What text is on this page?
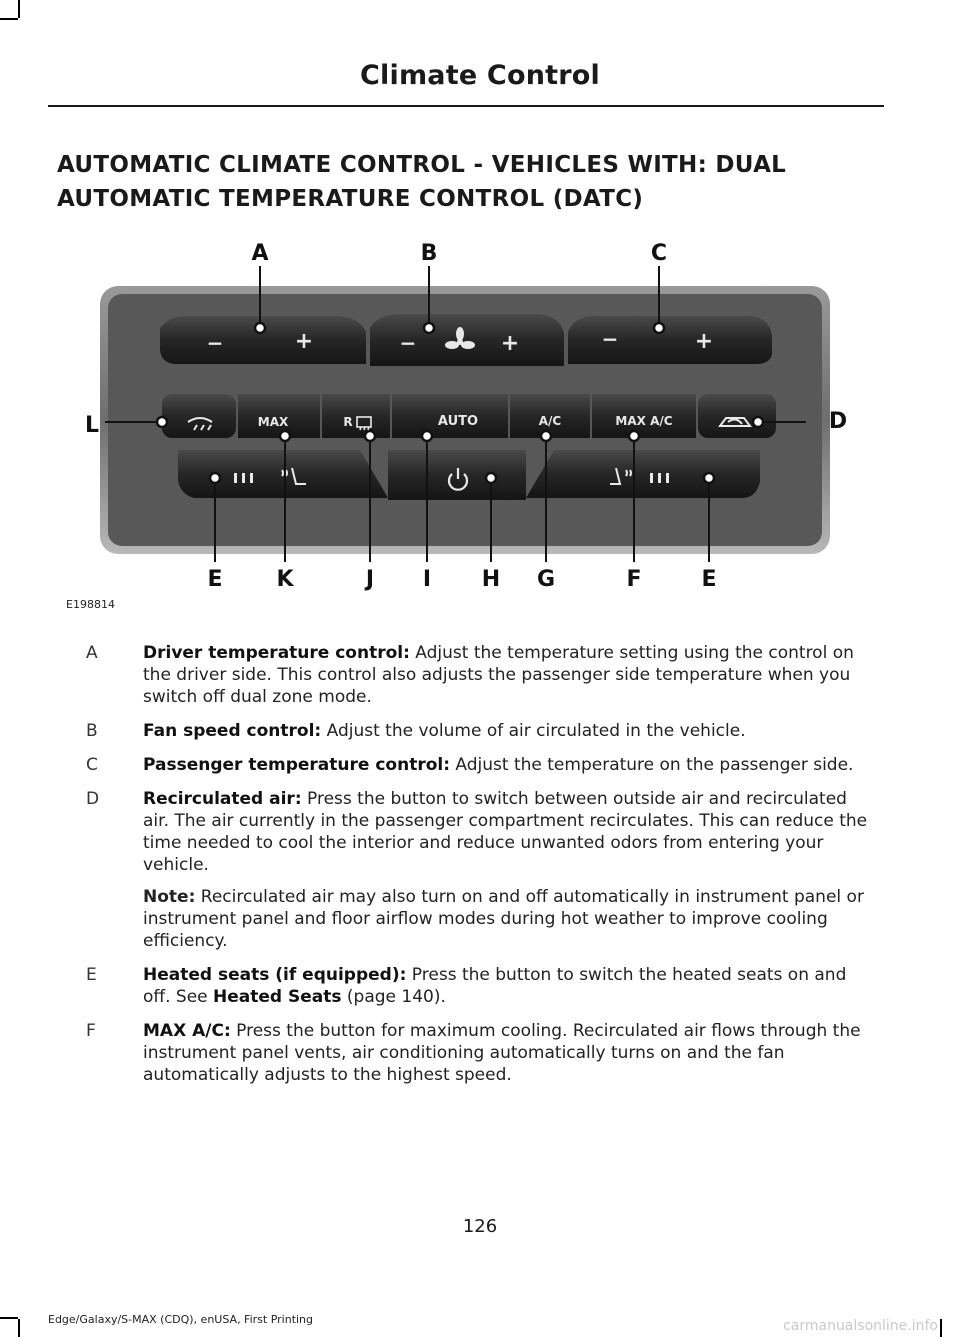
Climate Control
AUTOMATIC CLIMATE CONTROL - VEHICLES WITH: DUAL AUTOMATIC TEMPERATURE CONTROL (DATC)
−	+	−	+	−	+
MAX	R	AUTO	A/C	MAX A/C
A	B	C
L	D
E K	J I H G	F	E
E198814
A	Driver temperature control: Adjust the temperature setting using the control on the driver side. This control also adjusts the passenger side temperature when you switch off dual zone mode.
B	Fan speed control: Adjust the volume of air circulated in the vehicle.
C	Passenger temperature control: Adjust the temperature on the passenger side.
D	Recirculated air: Press the button to switch between outside air and recirculated air. The air currently in the passenger compartment recirculates. This can reduce the time needed to cool the interior and reduce unwanted odors from entering your vehicle.
Note: Recirculated air may also turn on and off automatically in instrument panel or instrument panel and floor airflow modes during hot weather to improve cooling efficiency.
E	Heated seats (if equipped): Press the button to switch the heated seats on and off. See Heated Seats (page 140).
F	MAX A/C: Press the button for maximum cooling. Recirculated air flows through the instrument panel vents, air conditioning automatically turns on and the fan automatically adjusts to the highest speed.
126
Edge/Galaxy/S-MAX (CDQ), enUSA, First Printing	carmanualsonline.info
